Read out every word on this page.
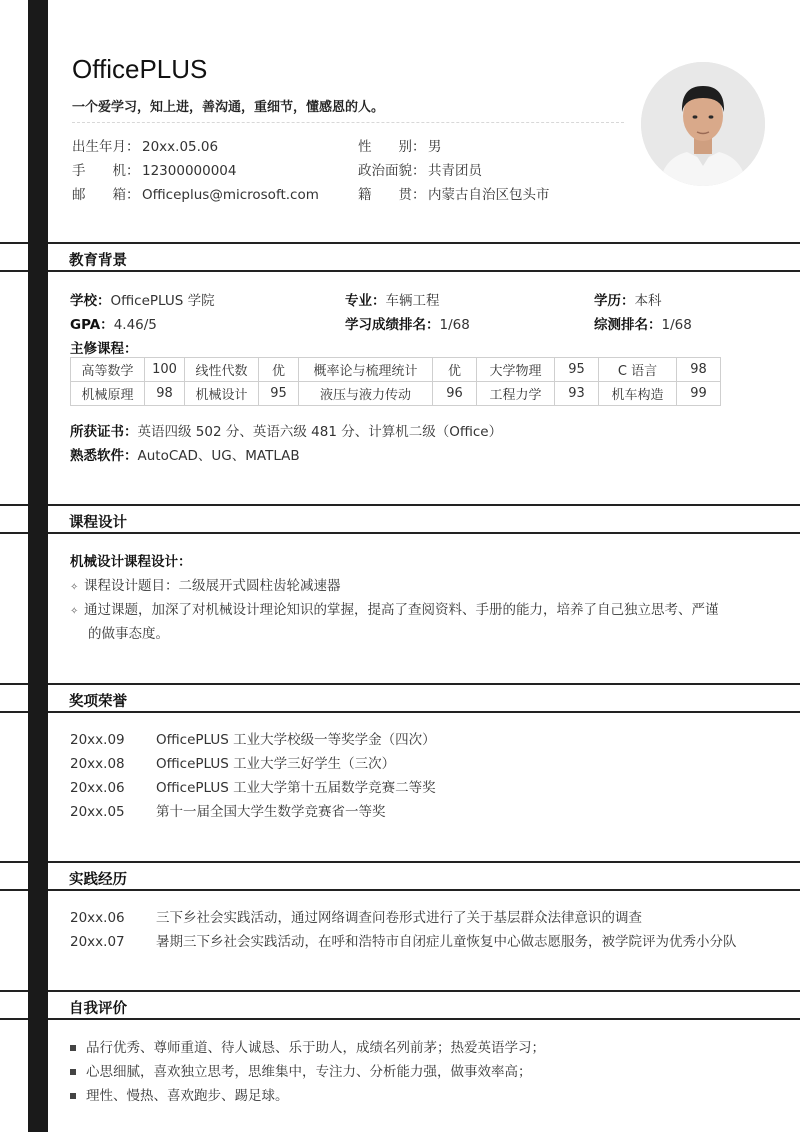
OfficePLUS
一个爱学习，知上进，善沟通，重细节，懂感恩的人。
出生年月： 20xx.05.06
手　　机： 12300000004
邮　　箱： Officeplus@microsoft.com
性　　别： 男
政治面貌： 共青团员
籍　　贯： 内蒙古自治区包头市
教育背景
学校：OfficePLUS 学院	专业：车辆工程	学历：本科
GPA：4.46/5	学习成绩排名：1/68	综测排名：1/68
主修课程：
高等数学	100	线性代数	优	概率论与梳理统计	优	大学物理	95	C 语言	98
机械原理	98	机械设计	95	液压与液力传动	96	工程力学	93	机车构造	99
所获证书：英语四级 502 分、英语六级 481 分、计算机二级（Office）
熟悉软件：AutoCAD、UG、MATLAB
课程设计
机械设计课程设计：
✧ 课程设计题目：二级展开式圆柱齿轮减速器
✧ 通过课题，加深了对机械设计理论知识的掌握，提高了查阅资料、手册的能力，培养了自己独立思考、严谨
的做事态度。
奖项荣誉
20xx.09 OfficePLUS 工业大学校级一等奖学金（四次）
20xx.08 OfficePLUS 工业大学三好学生（三次）
20xx.06 OfficePLUS 工业大学第十五届数学竞赛二等奖
20xx.05 第十一届全国大学生数学竞赛省一等奖
实践经历
20xx.06 三下乡社会实践活动，通过网络调查问卷形式进行了关于基层群众法律意识的调查
20xx.07 暑期三下乡社会实践活动，在呼和浩特市自闭症儿童恢复中心做志愿服务，被学院评为优秀小分队
自我评价
品行优秀、尊师重道、待人诚恳、乐于助人，成绩名列前茅；热爱英语学习；
心思细腻，喜欢独立思考，思维集中，专注力、分析能力强，做事效率高；
理性、慢热、喜欢跑步、踢足球。
